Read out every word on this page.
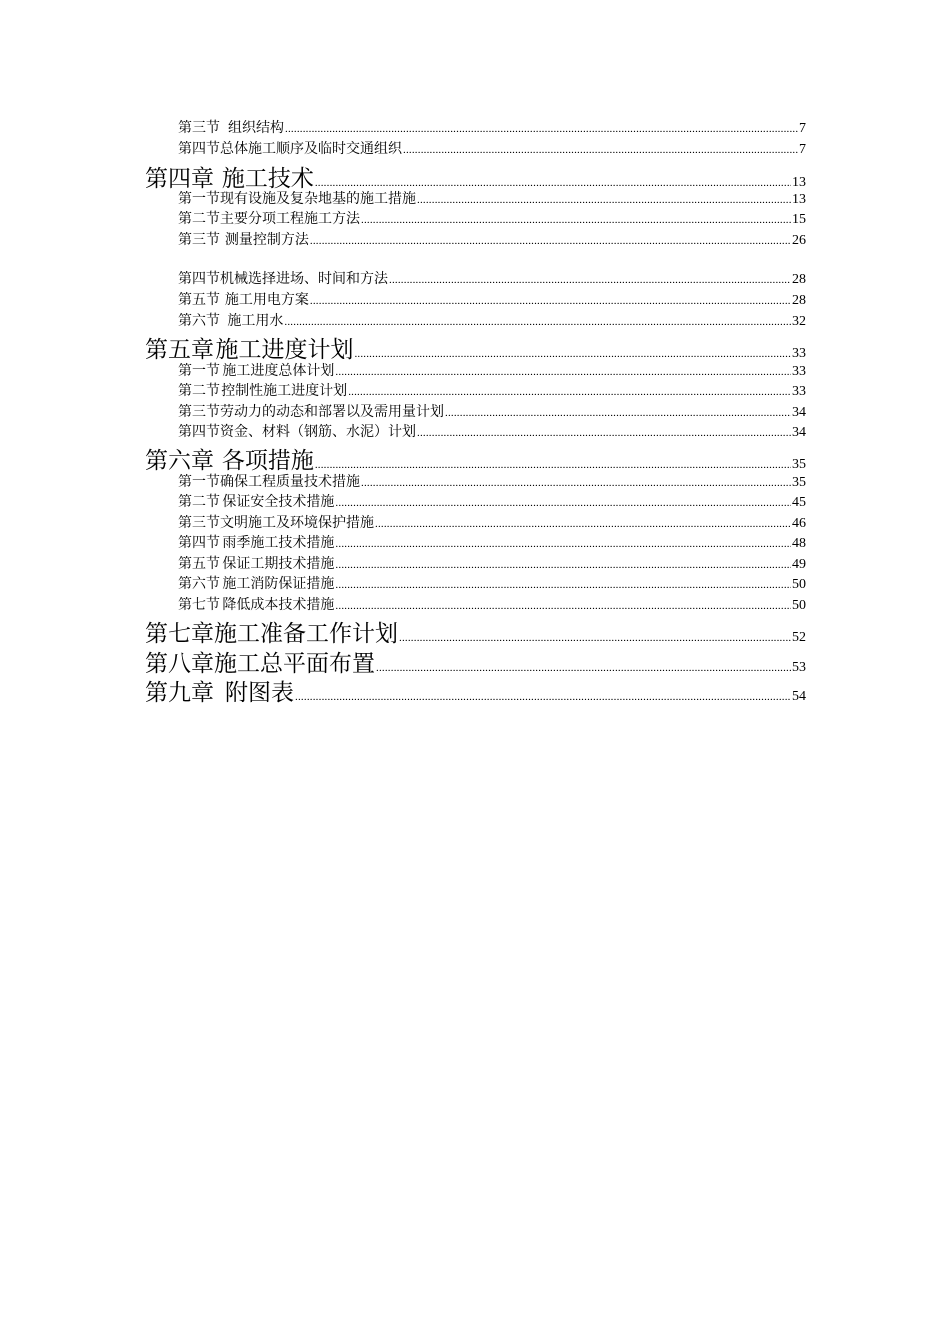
第三节 组织结构 .....	7
第四节 总体施工顺序及临时交通组织 .....	7
第四章 施工技术 .....	13
第一节 现有设施及复杂地基的施工措施 .....	13
第二节 主要分项工程施工方法 .....	15
第三节 测量控制方法 .....	26
第四节 机械选择进场、时间和方法 .....	28
第五节 施工用电方案 .....	28
第六节 施工用水 .....	32
第五章 施工进度计划 .....	33
第一节 施工进度总体计划 .....	33
第二节 控制性施工进度计划 .....	33
第三节 劳动力的动态和部署以及需用量计划 .....	34
第四节 资金、材料（钢筋、水泥）计划 .....	34
第六章 各项措施 .....	35
第一节 确保工程质量技术措施 .....	35
第二节 保证安全技术措施 .....	45
第三节 文明施工及环境保护措施 .....	46
第四节 雨季施工技术措施 .....	48
第五节 保证工期技术措施 .....	49
第六节 施工消防保证措施 .....	50
第七节 降低成本技术措施 .....	50
第七章 施工准备工作计划 .....	52
第八章 施工总平面布置 .....	53
第九章 附图表 .....	54
